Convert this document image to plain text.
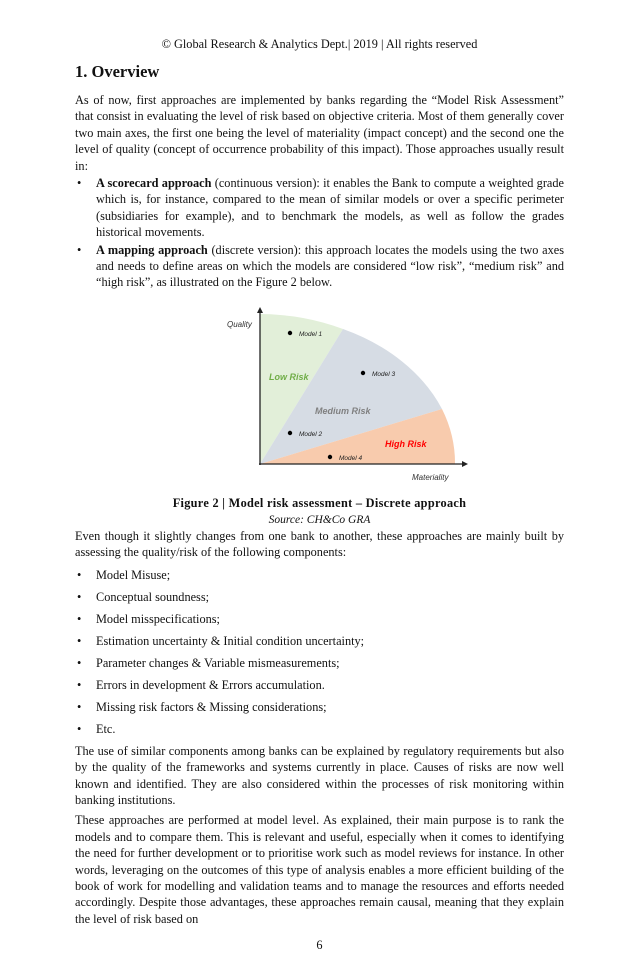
© Global Research & Analytics Dept.| 2019 | All rights reserved
1. Overview

As of now, first approaches are implemented by banks regarding the “Model Risk Assessment” that consist in evaluating the level of risk based on objective criteria. Most of them generally cover two main axes, the first one being the level of materiality (impact concept) and the second one the level of quality (concept of occurrence probability of this impact). Those approaches usually result in:

• A scorecard approach (continuous version): it enables the Bank to compute a weighted grade which is, for instance, compared to the mean of similar models or over a specific perimeter (subsidiaries for example), and to benchmark the models, as well as follow the grades historical movements.
• A mapping approach (discrete version): this approach locates the models using the two axes and needs to define areas on which the models are considered “low risk”, “medium risk” and “high risk”, as illustrated on the Figure 2 below.
Quality
Materiality
Low Risk
Medium Risk
High Risk
Model 1
Model 2
Model 3
Model 4
Figure 2 | Model risk assessment – Discrete approach
Source: CH&Co GRA

Even though it slightly changes from one bank to another, these approaches are mainly built by assessing the quality/risk of the following components:

• Model Misuse;
• Conceptual soundness;
• Model misspecifications;
• Estimation uncertainty & Initial condition uncertainty;
• Parameter changes & Variable mismeasurements;
• Errors in development & Errors accumulation.
• Missing risk factors & Missing considerations;
• Etc.

The use of similar components among banks can be explained by regulatory requirements but also by the quality of the frameworks and systems currently in place. Causes of risks are now well known and identified. They are also considered within the processes of risk monitoring within banking institutions.

These approaches are performed at model level. As explained, their main purpose is to rank the models and to compare them. This is relevant and useful, especially when it comes to identifying the need for further development or to prioritise work such as model reviews for instance. In other words, leveraging on the outcomes of this type of analysis enables a more efficient building of the book of work for modelling and validation teams and to manage the resources and efforts needed accordingly. Despite those advantages, these approaches remain causal, meaning that they explain the level of risk based on

6
